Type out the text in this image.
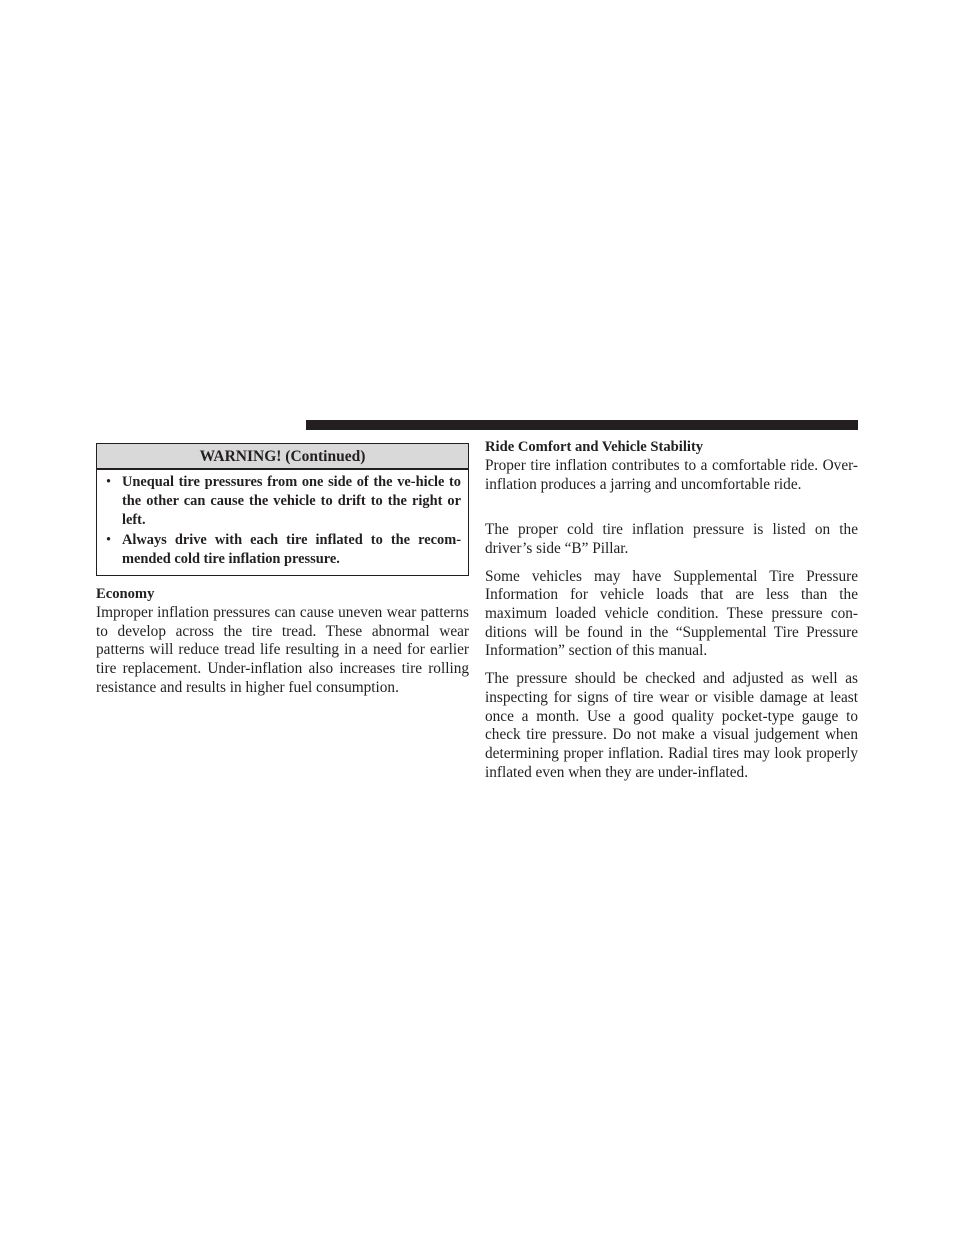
WARNING! (Continued)
• Unequal tire pressures from one side of the ve-hicle to the other can cause the vehicle to drift to the right or left.
• Always drive with each tire inflated to the recom-mended cold tire inflation pressure.
Economy

Improper inflation pressures can cause uneven wear patterns to develop across the tire tread. These abnormal wear patterns will reduce tread life resulting in a need for earlier tire replacement. Under-inflation also increases tire rolling resistance and results in higher fuel consumption.

Ride Comfort and Vehicle Stability

Proper tire inflation contributes to a comfortable ride. Over-inflation produces a jarring and uncomfortable ride.

The proper cold tire inflation pressure is listed on the driver’s side “B” Pillar.

Some vehicles may have Supplemental Tire Pressure Information for vehicle loads that are less than the maximum loaded vehicle condition. These pressure con-ditions will be found in the “Supplemental Tire Pressure Information” section of this manual.

The pressure should be checked and adjusted as well as inspecting for signs of tire wear or visible damage at least once a month. Use a good quality pocket-type gauge to check tire pressure. Do not make a visual judgement when determining proper inflation. Radial tires may look properly inflated even when they are under-inflated.
